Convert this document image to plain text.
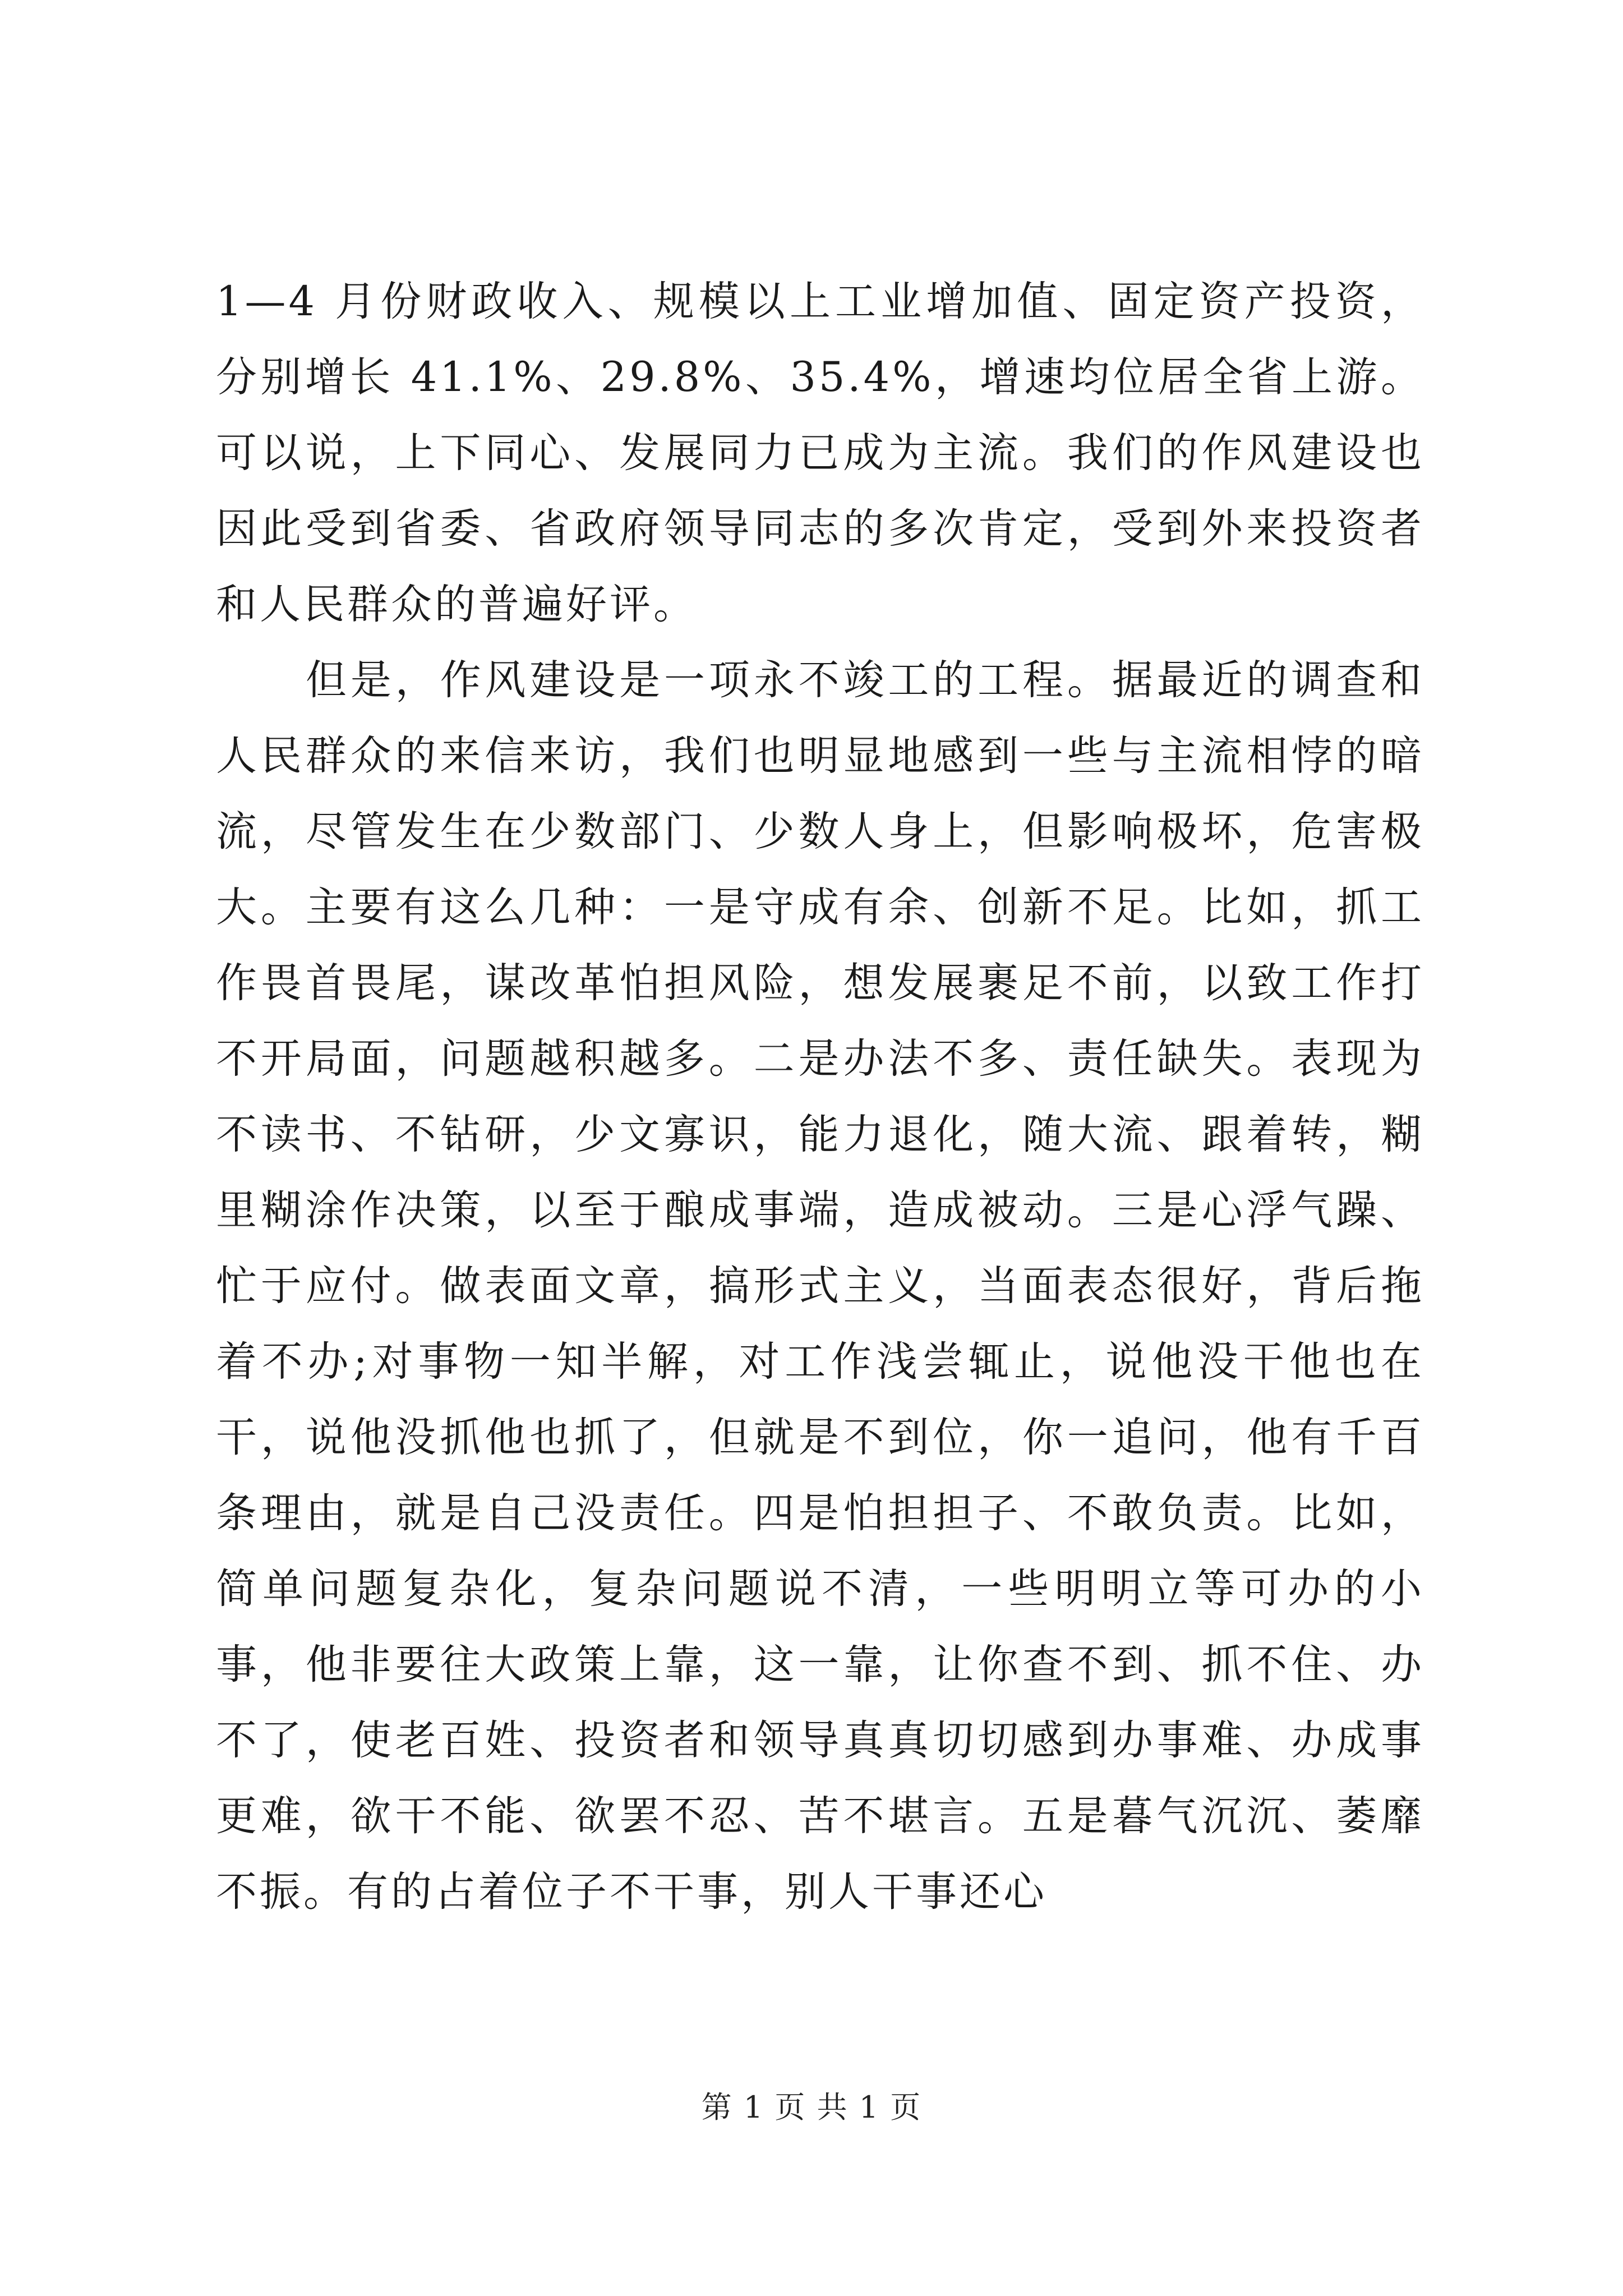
1—4 月份财政收入、规模以上工业增加值、固定资产投资，分别增长 41.1%、29.8%、35.4%，增速均位居全省上游。可以说，上下同心、发展同力已成为主流。我们的作风建设也因此受到省委、省政府领导同志的多次肯定，受到外来投资者和人民群众的普遍好评。

但是，作风建设是一项永不竣工的工程。据最近的调查和人民群众的来信来访，我们也明显地感到一些与主流相悖的暗流，尽管发生在少数部门、少数人身上，但影响极坏，危害极大。主要有这么几种：一是守成有余、创新不足。比如，抓工作畏首畏尾，谋改革怕担风险，想发展裹足不前，以致工作打不开局面，问题越积越多。二是办法不多、责任缺失。表现为不读书、不钻研，少文寡识，能力退化，随大流、跟着转，糊里糊涂作决策，以至于酿成事端，造成被动。三是心浮气躁、忙于应付。做表面文章，搞形式主义，当面表态很好，背后拖着不办;对事物一知半解，对工作浅尝辄止，说他没干他也在干，说他没抓他也抓了，但就是不到位，你一追问，他有千百条理由，就是自己没责任。四是怕担担子、不敢负责。比如，简单问题复杂化，复杂问题说不清，一些明明立等可办的小事，他非要往大政策上靠，这一靠，让你查不到、抓不住、办不了，使老百姓、投资者和领导真真切切感到办事难、办成事更难，欲干不能、欲罢不忍、苦不堪言。五是暮气沉沉、萎靡不振。有的占着位子不干事，别人干事还心

第 1 页 共 1 页
